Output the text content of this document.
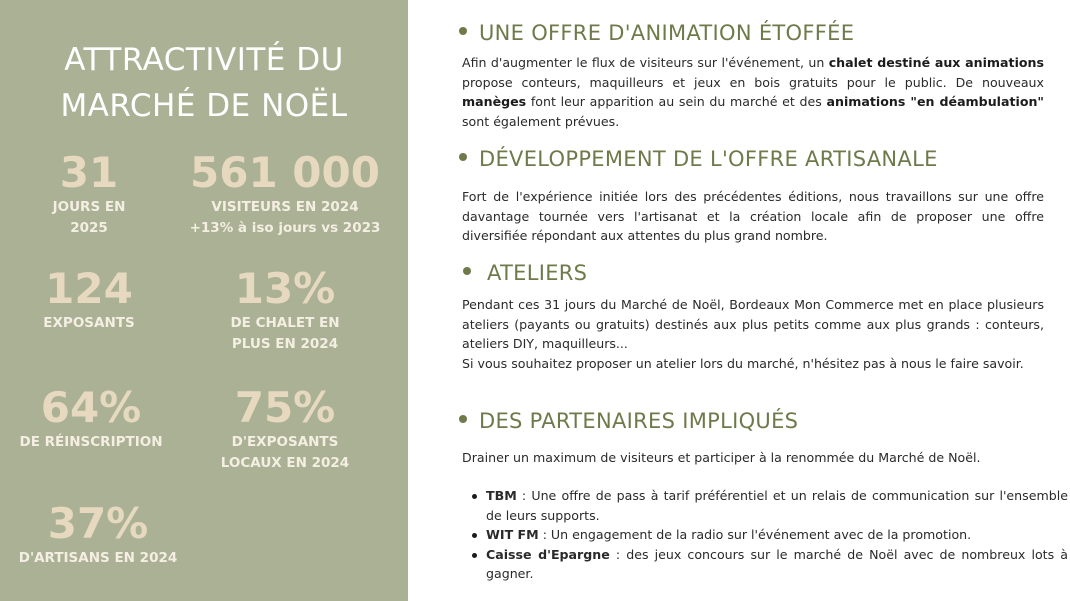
ATTRACTIVITÉ DU
MARCHÉ DE NOËL
31
JOURS EN
2025
561 000
VISITEURS EN 2024
+13% à iso jours vs 2023
124
EXPOSANTS
13%
DE CHALET EN
PLUS EN 2024
64%
DE RÉINSCRIPTION
75%
D'EXPOSANTS
LOCAUX EN 2024
37%
D'ARTISANS EN 2024
UNE OFFRE D'ANIMATION ÉTOFFÉE
Afin d'augmenter le flux de visiteurs sur l'événement, un chalet destiné aux animations propose conteurs, maquilleurs et jeux en bois gratuits pour le public. De nouveaux manèges font leur apparition au sein du marché et des animations "en déambulation" sont également prévues.
DÉVELOPPEMENT DE L'OFFRE ARTISANALE
Fort de l'expérience initiée lors des précédentes éditions, nous travaillons sur une offre davantage tournée vers l'artisanat et la création locale afin de proposer une offre diversifiée répondant aux attentes du plus grand nombre.
ATELIERS
Pendant ces 31 jours du Marché de Noël, Bordeaux Mon Commerce met en place plusieurs ateliers (payants ou gratuits) destinés aux plus petits comme aux plus grands : conteurs, ateliers DIY, maquilleurs...
Si vous souhaitez proposer un atelier lors du marché, n'hésitez pas à nous le faire savoir.
DES PARTENAIRES IMPLIQUÉS
Drainer un maximum de visiteurs et participer à la renommée du Marché de Noël.
TBM : Une offre de pass à tarif préférentiel et un relais de communication sur l'ensemble de leurs supports.
WIT FM : Un engagement de la radio sur l'événement avec de la promotion.
Caisse d'Epargne : des jeux concours sur le marché de Noël avec de nombreux lots à gagner.
